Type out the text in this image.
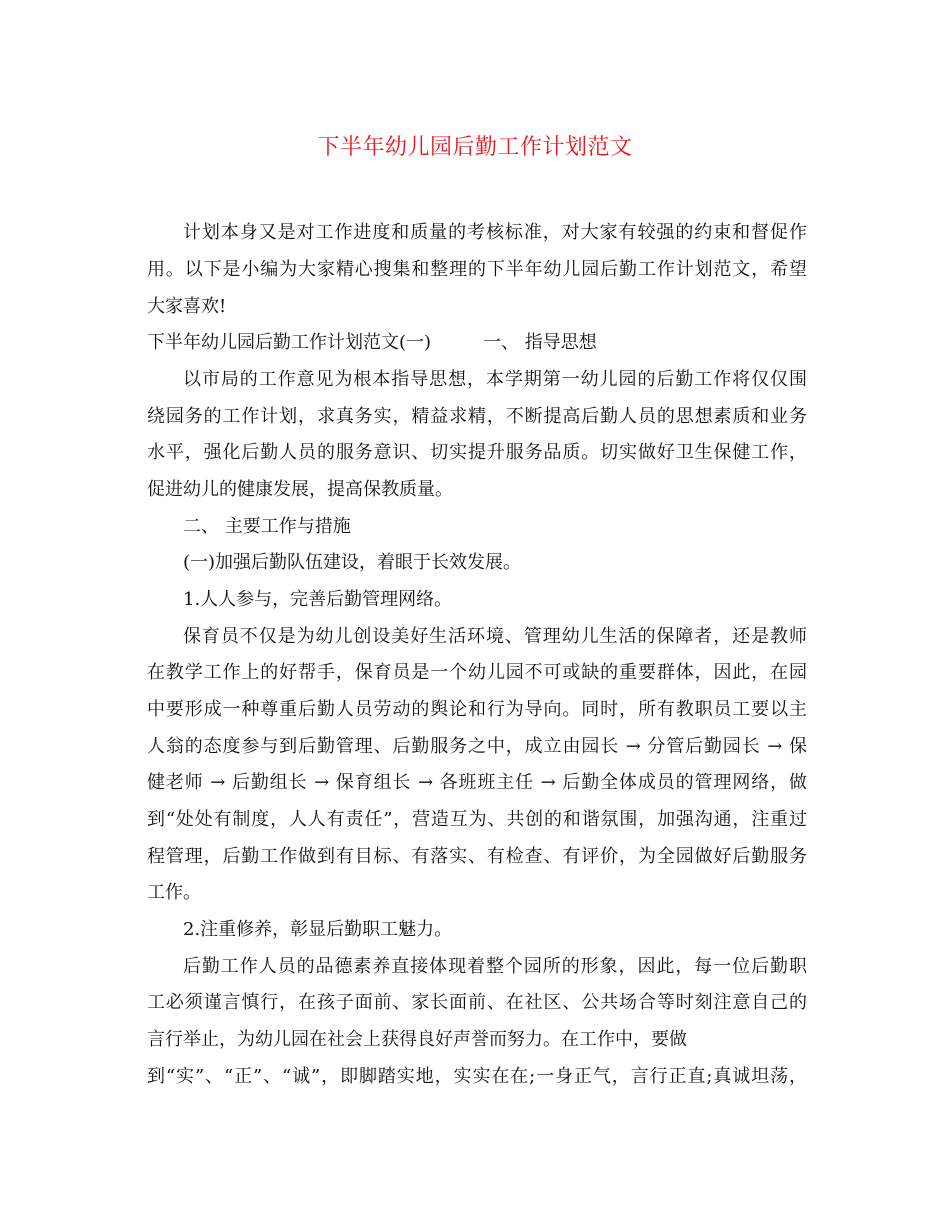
下半年幼儿园后勤工作计划范文
计划本身又是对工作进度和质量的考核标准，对大家有较强的约束和督促作
用。以下是小编为大家精心搜集和整理的下半年幼儿园后勤工作计划范文，希望
大家喜欢!
下半年幼儿园后勤工作计划范文(一)	一、 指导思想
以市局的工作意见为根本指导思想，本学期第一幼儿园的后勤工作将仅仅围
绕园务的工作计划，求真务实，精益求精，不断提高后勤人员的思想素质和业务
水平，强化后勤人员的服务意识、切实提升服务品质。切实做好卫生保健工作，
促进幼儿的健康发展，提高保教质量。
二、 主要工作与措施
(一)加强后勤队伍建设，着眼于长效发展。
1.人人参与，完善后勤管理网络。
保育员不仅是为幼儿创设美好生活环境、管理幼儿生活的保障者，还是教师
在教学工作上的好帮手，保育员是一个幼儿园不可或缺的重要群体，因此，在园
中要形成一种尊重后勤人员劳动的舆论和行为导向。同时，所有教职员工要以主
人翁的态度参与到后勤管理、后勤服务之中，成立由园长 → 分管后勤园长 → 保
健老师 → 后勤组长 → 保育组长 → 各班班主任 → 后勤全体成员的管理网络，做
到“处处有制度，人人有责任”，营造互为、共创的和谐氛围，加强沟通，注重过
程管理，后勤工作做到有目标、有落实、有检查、有评价，为全园做好后勤服务
工作。
2.注重修养，彰显后勤职工魅力。
后勤工作人员的品德素养直接体现着整个园所的形象，因此，每一位后勤职
工必须谨言慎行，在孩子面前、家长面前、在社区、公共场合等时刻注意自己的
言行举止，为幼儿园在社会上获得良好声誉而努力。在工作中，要做
到“实”、“正”、“诚”，即脚踏实地，实实在在;一身正气，言行正直;真诚坦荡，
